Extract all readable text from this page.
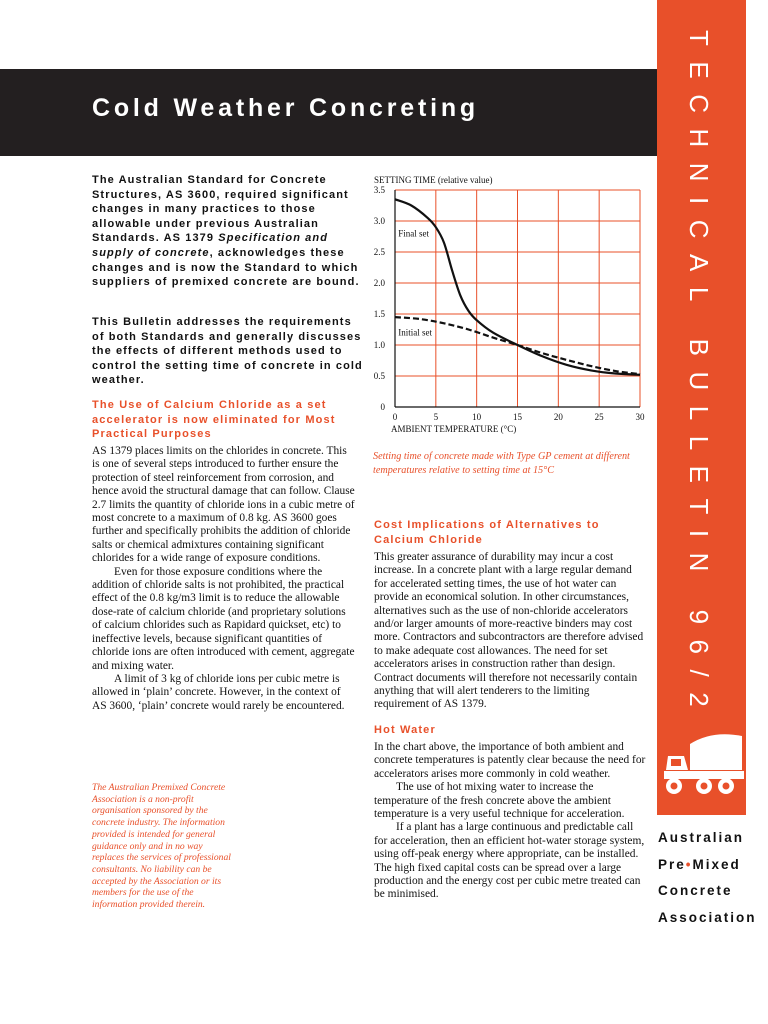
TECHNICAL BULLETIN 96/2
Cold Weather Concreting

The Australian Standard for Concrete Structures, AS 3600, required significant changes in many practices to those allowable under previous Australian Standards. AS 1379 Specification and supply of concrete, acknowledges these changes and is now the Standard to which suppliers of premixed concrete are bound.

This Bulletin addresses the requirements of both Standards and generally discusses the effects of different methods used to control the setting time of concrete in cold weather.

The Use of Calcium Chloride as a set accelerator is now eliminated for Most Practical Purposes

AS 1379 places limits on the chlorides in concrete. This is one of several steps introduced to further ensure the protection of steel reinforcement from corrosion, and hence avoid the structural damage that can follow. Clause 2.7 limits the quantity of chloride ions in a cubic metre of most concrete to a maximum of 0.8 kg. AS 3600 goes further and specifically prohibits the addition of chloride salts or chemical admixtures containing significant chlorides for a wide range of exposure conditions.

Even for those exposure conditions where the addition of chloride salts is not prohibited, the practical effect of the 0.8 kg/m3 limit is to reduce the allowable dose-rate of calcium chloride (and proprietary solutions of calcium chlorides such as Rapidard quickset, etc) to ineffective levels, because significant quantities of chloride ions are often introduced with cement, aggregate and mixing water.

A limit of 3 kg of chloride ions per cubic metre is allowed in ‘plain’ concrete. However, in the context of AS 3600, ‘plain’ concrete would rarely be encountered.

The Australian Premixed Concrete Association is a non-profit organisation sponsored by the concrete industry. The information provided is intended for general guidance only and in no way replaces the services of professional consultants. No liability can be accepted by the Association or its members for the use of the information provided therein.
0	5	10	15	20	25	30
0
0.5
1.0
1.5
2.0
2.5
3.0
3.5
SETTING TIME (relative value)
AMBIENT TEMPERATURE (°C)
Final set
Initial set
Setting time of concrete made with Type GP cement at different temperatures relative to setting time at 15°C
Cost Implications of Alternatives to Calcium Chloride

This greater assurance of durability may incur a cost increase. In a concrete plant with a large regular demand for accelerated setting times, the use of hot water can provide an economical solution. In other circumstances, alternatives such as the use of non-chloride accelerators and/or larger amounts of more-reactive binders may cost more. Contractors and subcontractors are therefore advised to make adequate cost allowances. The need for set accelerators arises in construction rather than design. Contract documents will therefore not necessarily contain anything that will alert tenderers to the limiting requirement of AS 1379.

Hot Water

In the chart above, the importance of both ambient and concrete temperatures is patently clear because the need for accelerators arises more commonly in cold weather.

The use of hot mixing water to increase the temperature of the fresh concrete above the ambient temperature is a very useful technique for acceleration.

If a plant has a large continuous and predictable call for acceleration, then an efficient hot-water storage system, using off-peak energy where appropriate, can be installed. The high fixed capital costs can be spread over a large production and the energy cost per cubic metre treated can be minimised.

Australian
Pre•Mixed
Concrete
Association
